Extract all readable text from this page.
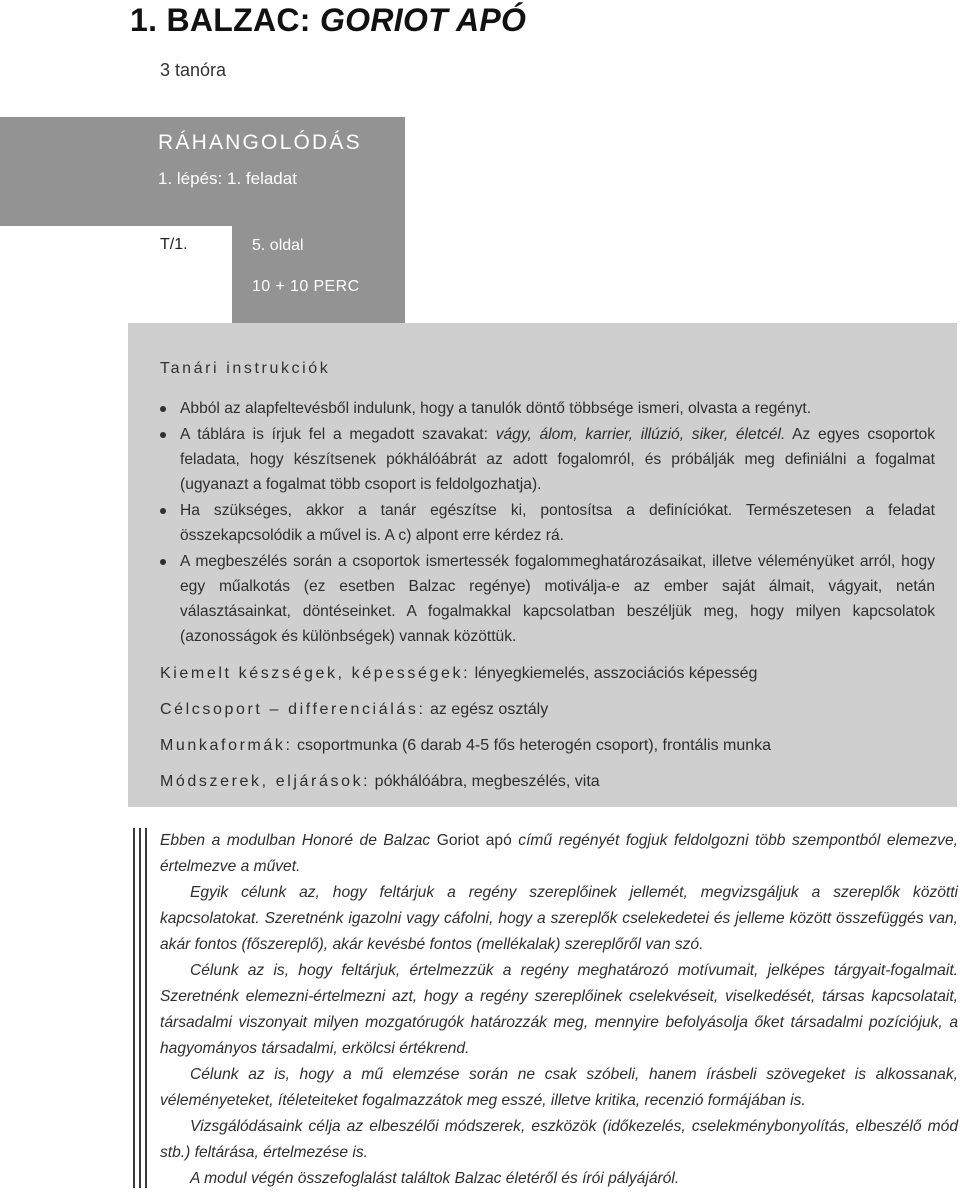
1. BALZAC: GORIOT APÓ
3 tanóra
RÁHANGOLÓDÁS
1. lépés: 1. feladat
T/1.	5. oldal
10 + 10 PERC
Tanári instrukciók
Abból az alapfeltevésből indulunk, hogy a tanulók döntő többsége ismeri, olvasta a regényt.
A táblára is írjuk fel a megadott szavakat: vágy, álom, karrier, illúzió, siker, életcél. Az egyes csoportok feladata, hogy készítsenek pókhálóábrát az adott fogalomról, és próbálják meg definiálni a fogalmat (ugyanazt a fogalmat több csoport is feldolgozhatja).
Ha szükséges, akkor a tanár egészítse ki, pontosítsa a definíciókat. Természetesen a feladat összekapcsolódik a művel is. A c) alpont erre kérdez rá.
A megbeszélés során a csoportok ismertessék fogalommeghatározásaikat, illetve véleményüket arról, hogy egy műalkotás (ez esetben Balzac regénye) motiválja-e az ember saját álmait, vágyait, netán választásainkat, döntéseinket. A fogalmakkal kapcsolatban beszéljük meg, hogy milyen kapcsolatok (azonosságok és különbségek) vannak közöttük.
Kiemelt készségek, képességek: lényegkiemelés, asszociációs képesség
Célcsoport – differenciálás: az egész osztály
Munkaformák: csoportmunka (6 darab 4-5 fős heterogén csoport), frontális munka
Módszerek, eljárások: pókhálóábra, megbeszélés, vita

Ebben a modulban Honoré de Balzac Goriot apó című regényét fogjuk feldolgozni több szempontból elemezve, értelmezve a művet.

Egyik célunk az, hogy feltárjuk a regény szereplőinek jellemét, megvizsgáljuk a szereplők közötti kapcsolatokat. Szeretnénk igazolni vagy cáfolni, hogy a szereplők cselekedetei és jelleme között összefüggés van, akár fontos (főszereplő), akár kevésbé fontos (mellékalak) szereplőről van szó.

Célunk az is, hogy feltárjuk, értelmezzük a regény meghatározó motívumait, jelképes tárgyait-fogalmait. Szeretnénk elemezni-értelmezni azt, hogy a regény szereplőinek cselekvéseit, viselkedését, társas kapcsolatait, társadalmi viszonyait milyen mozgatórugók határozzák meg, mennyire befolyásolja őket társadalmi pozíciójuk, a hagyományos társadalmi, erkölcsi értékrend.

Célunk az is, hogy a mű elemzése során ne csak szóbeli, hanem írásbeli szövegeket is alkossanak, véleményeteket, ítéleteiteket fogalmazzátok meg esszé, illetve kritika, recenzió formájában is.

Vizsgálódásaink célja az elbeszélői módszerek, eszközök (időkezelés, cselekménybonyolítás, elbeszélő mód stb.) feltárása, értelmezése is.

A modul végén összefoglalást találtok Balzac életéről és írói pályájáról.
